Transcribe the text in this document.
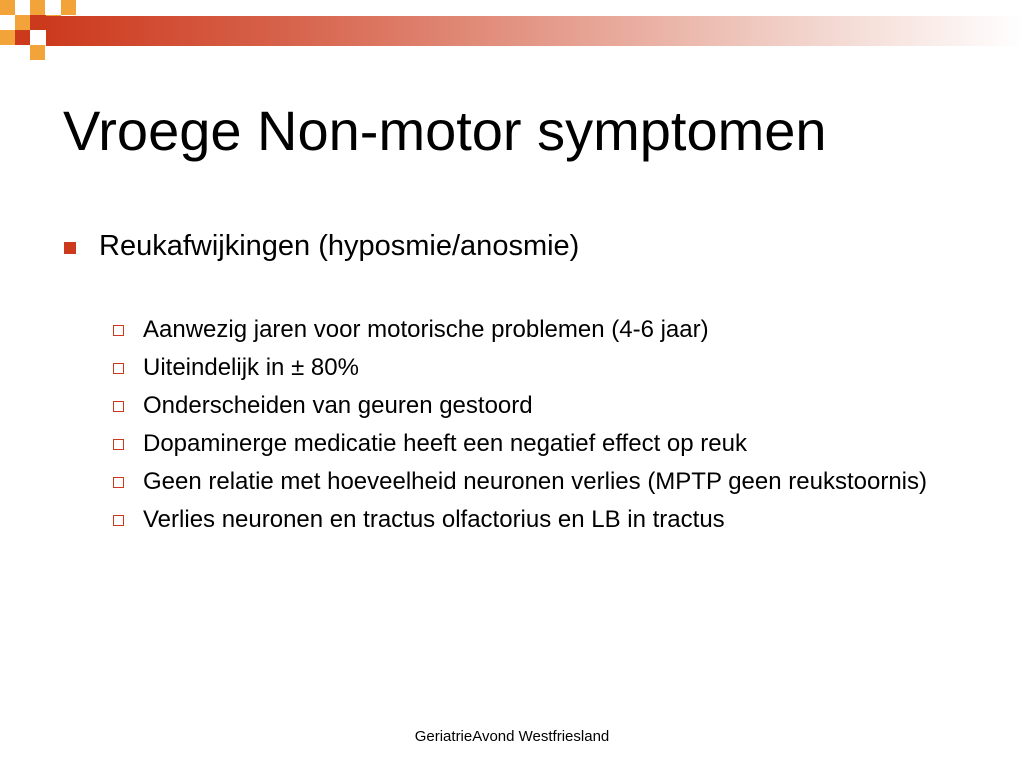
Vroege Non-motor symptomen
Reukafwijkingen (hyposmie/anosmie)
Aanwezig jaren voor motorische problemen (4-6 jaar)
Uiteindelijk in ± 80%
Onderscheiden van geuren gestoord
Dopaminerge medicatie heeft een negatief effect op reuk
Geen relatie met hoeveelheid neuronen verlies (MPTP geen reukstoornis)
Verlies neuronen en tractus olfactorius en LB in tractus
GeriatrieAvond Westfriesland
